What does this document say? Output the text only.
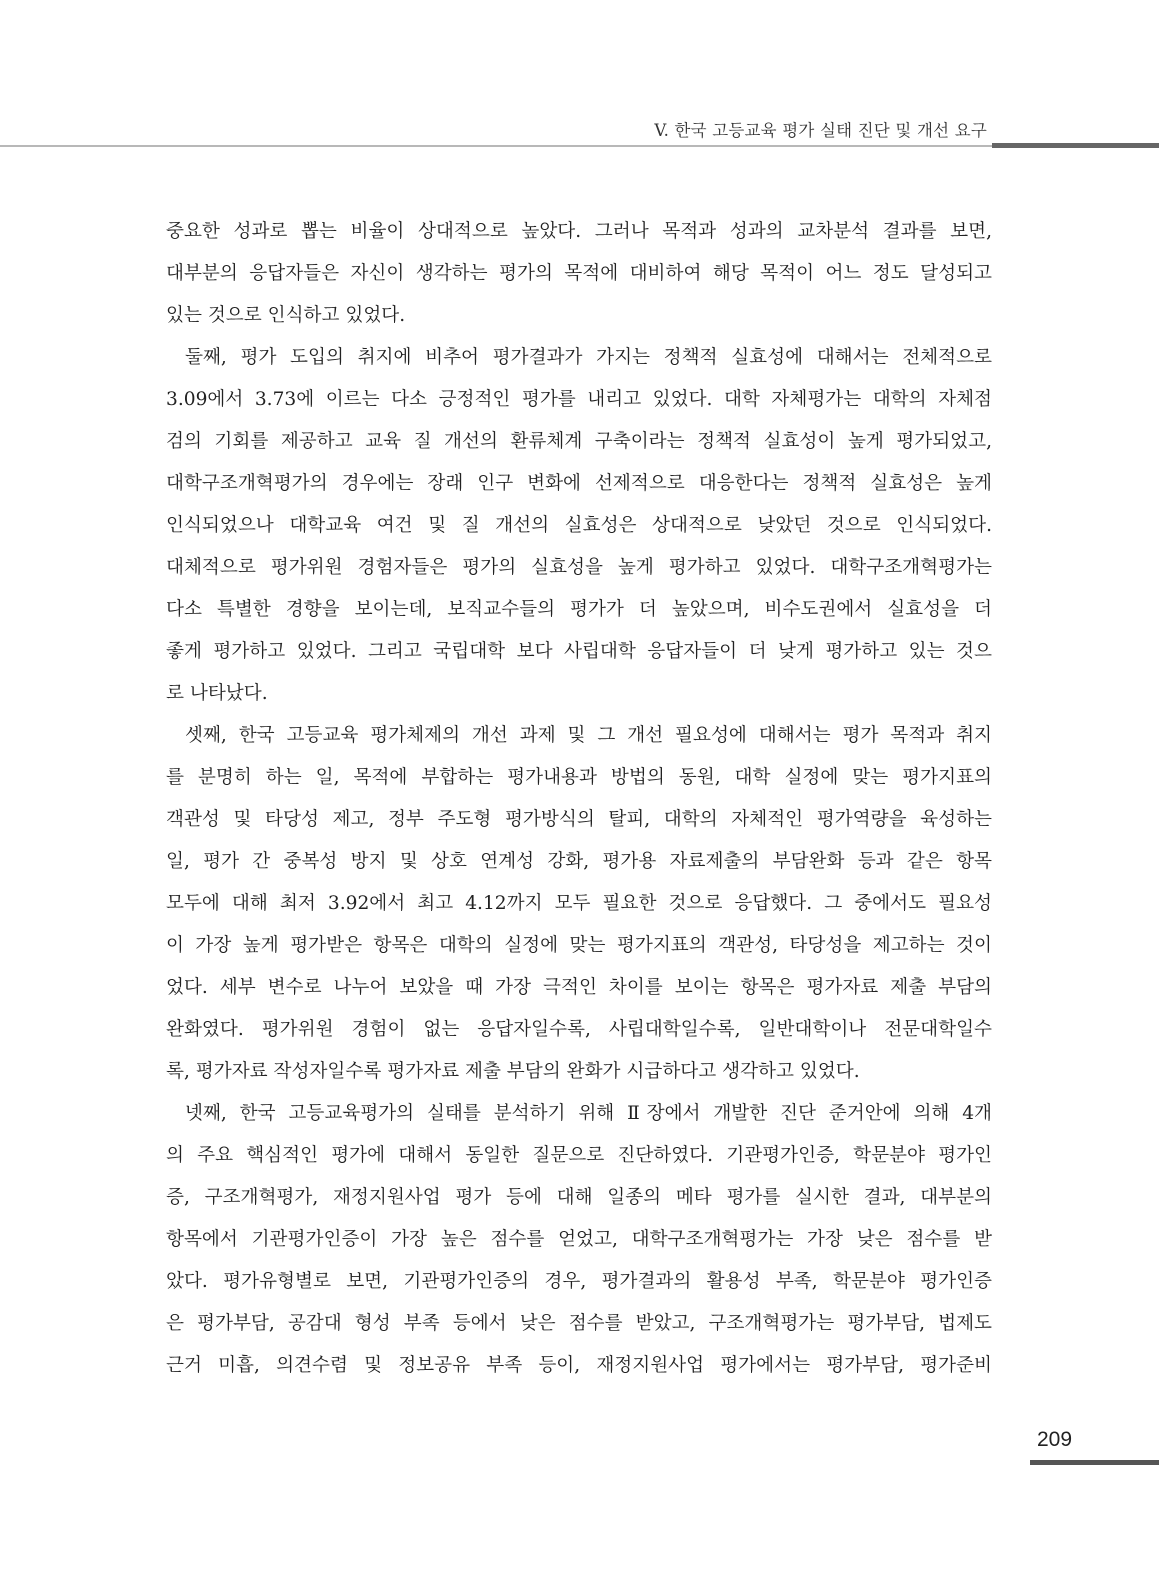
V. 한국 고등교육 평가 실태 진단 및 개선 요구
중요한 성과로 뽑는 비율이 상대적으로 높았다. 그러나 목적과 성과의 교차분석 결과를 보면,
대부분의 응답자들은 자신이 생각하는 평가의 목적에 대비하여 해당 목적이 어느 정도 달성되고
있는 것으로 인식하고 있었다.
둘째, 평가 도입의 취지에 비추어 평가결과가 가지는 정책적 실효성에 대해서는 전체적으로
3.09에서 3.73에 이르는 다소 긍정적인 평가를 내리고 있었다. 대학 자체평가는 대학의 자체점
검의 기회를 제공하고 교육 질 개선의 환류체계 구축이라는 정책적 실효성이 높게 평가되었고,
대학구조개혁평가의 경우에는 장래 인구 변화에 선제적으로 대응한다는 정책적 실효성은 높게
인식되었으나 대학교육 여건 및 질 개선의 실효성은 상대적으로 낮았던 것으로 인식되었다.
대체적으로 평가위원 경험자들은 평가의 실효성을 높게 평가하고 있었다. 대학구조개혁평가는
다소 특별한 경향을 보이는데, 보직교수들의 평가가 더 높았으며, 비수도권에서 실효성을 더
좋게 평가하고 있었다. 그리고 국립대학 보다 사립대학 응답자들이 더 낮게 평가하고 있는 것으
로 나타났다.
셋째, 한국 고등교육 평가체제의 개선 과제 및 그 개선 필요성에 대해서는 평가 목적과 취지
를 분명히 하는 일, 목적에 부합하는 평가내용과 방법의 동원, 대학 실정에 맞는 평가지표의
객관성 및 타당성 제고, 정부 주도형 평가방식의 탈피, 대학의 자체적인 평가역량을 육성하는
일, 평가 간 중복성 방지 및 상호 연계성 강화, 평가용 자료제출의 부담완화 등과 같은 항목
모두에 대해 최저 3.92에서 최고 4.12까지 모두 필요한 것으로 응답했다. 그 중에서도 필요성
이 가장 높게 평가받은 항목은 대학의 실정에 맞는 평가지표의 객관성, 타당성을 제고하는 것이
었다. 세부 변수로 나누어 보았을 때 가장 극적인 차이를 보이는 항목은 평가자료 제출 부담의
완화였다. 평가위원 경험이 없는 응답자일수록, 사립대학일수록, 일반대학이나 전문대학일수
록, 평가자료 작성자일수록 평가자료 제출 부담의 완화가 시급하다고 생각하고 있었다.
넷째, 한국 고등교육평가의 실태를 분석하기 위해 Ⅱ장에서 개발한 진단 준거안에 의해 4개
의 주요 핵심적인 평가에 대해서 동일한 질문으로 진단하였다. 기관평가인증, 학문분야 평가인
증, 구조개혁평가, 재정지원사업 평가 등에 대해 일종의 메타 평가를 실시한 결과, 대부분의
항목에서 기관평가인증이 가장 높은 점수를 얻었고, 대학구조개혁평가는 가장 낮은 점수를 받
았다. 평가유형별로 보면, 기관평가인증의 경우, 평가결과의 활용성 부족, 학문분야 평가인증
은 평가부담, 공감대 형성 부족 등에서 낮은 점수를 받았고, 구조개혁평가는 평가부담, 법제도
근거 미흡, 의견수렴 및 정보공유 부족 등이, 재정지원사업 평가에서는 평가부담, 평가준비
209
